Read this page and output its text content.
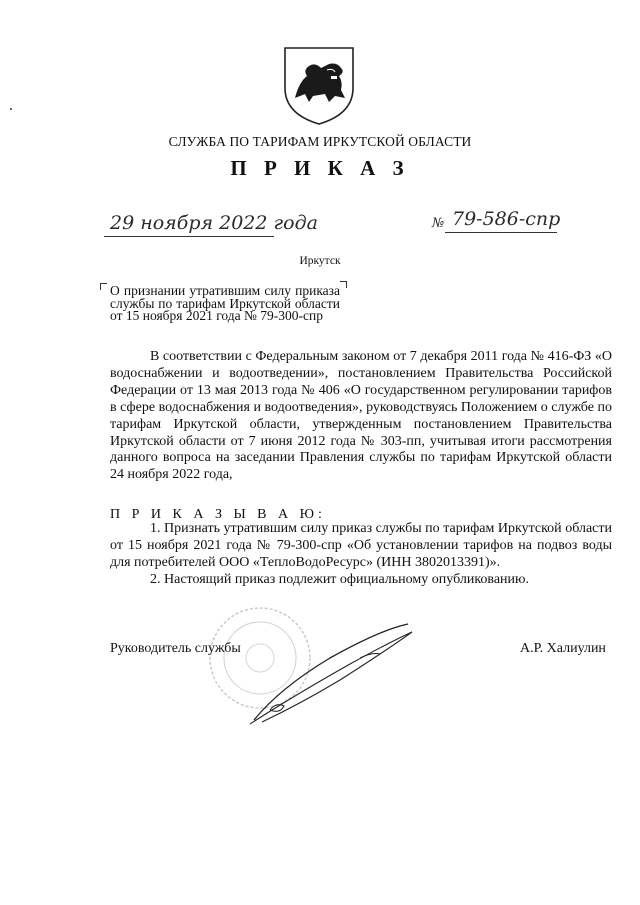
СЛУЖБА ПО ТАРИФАМ ИРКУТСКОЙ ОБЛАСТИ
П Р И К А З
29 ноября 2022 года	№ 79-586-спр
Иркутск
О признании утратившим силу приказа службы по тарифам Иркутской области от 15 ноября 2021 года № 79-300-спр
В соответствии с Федеральным законом от 7 декабря 2011 года № 416-ФЗ «О водоснабжении и водоотведении», постановлением Правительства Российской Федерации от 13 мая 2013 года № 406 «О государственном регулировании тарифов в сфере водоснабжения и водоотведения», руководствуясь Положением о службе по тарифам Иркутской области, утвержденным постановлением Правительства Иркутской области от 7 июня 2012 года № 303-пп, учитывая итоги рассмотрения данного вопроса на заседании Правления службы по тарифам Иркутской области 24 ноября 2022 года,
П Р И К А З Ы В А Ю:

1. Признать утратившим силу приказ службы по тарифам Иркутской области от 15 ноября 2021 года № 79-300-спр «Об установлении тарифов на подвоз воды для потребителей ООО «ТеплоВодоРесурс» (ИНН 3802013391)».

2. Настоящий приказ подлежит официальному опубликованию.

Руководитель службы	А.Р. Халиулин
